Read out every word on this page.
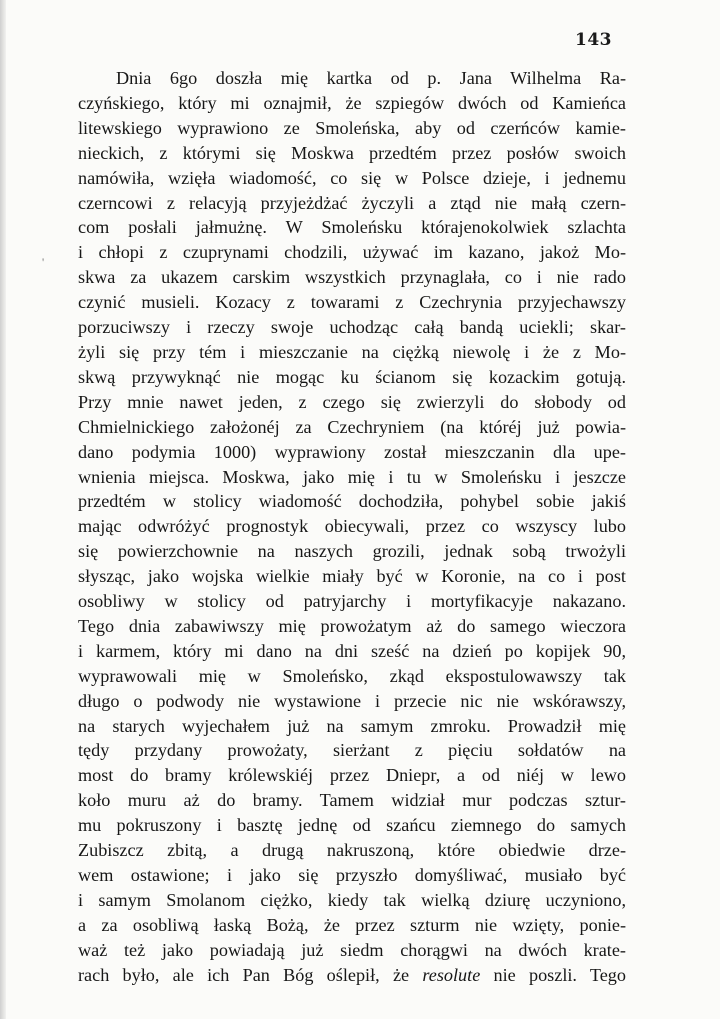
143
'
Dnia 6go doszła mię kartka od p. Jana Wilhelma Ra-
czyńskiego, który mi oznajmił, że szpiegów dwóch od Kamieńca
litewskiego wyprawiono ze Smoleńska, aby od czerńców kamie-
nieckich, z którymi się Moskwa przedtém przez posłów swoich
namówiła, wzięła wiadomość, co się w Polsce dzieje, i jednemu
czerncowi z relacyją przyjeżdżać życzyli a ztąd nie małą czern-
com posłali jałmużnę. W Smoleńsku którajenokolwiek szlachta
i chłopi z czuprynami chodzili, używać im kazano, jakoż Mo-
skwa za ukazem carskim wszystkich przynaglała, co i nie rado
czynić musieli. Kozacy z towarami z Czechrynia przyjechawszy
porzuciwszy i rzeczy swoje uchodząc całą bandą uciekli; skar-
żyli się przy tém i mieszczanie na ciężką niewolę i że z Mo-
skwą przywyknąć nie mogąc ku ścianom się kozackim gotują.
Przy mnie nawet jeden, z czego się zwierzyli do słobody od
Chmielnickiego założonéj za Czechryniem (na któréj już powia-
dano podymia 1000) wyprawiony został mieszczanin dla upe-
wnienia miejsca. Moskwa, jako mię i tu w Smoleńsku i jeszcze
przedtém w stolicy wiadomość dochodziła, pohybel sobie jakiś
mając odwróżyć prognostyk obiecywali, przez co wszyscy lubo
się powierzchownie na naszych grozili, jednak sobą trwożyli
słysząc, jako wojska wielkie miały być w Koronie, na co i post
osobliwy w stolicy od patryjarchy i mortyfikacyje nakazano.
Tego dnia zabawiwszy mię prowożatym aż do samego wieczora
i karmem, który mi dano na dni sześć na dzień po kopijek 90,
wyprawowali mię w Smoleńsko, zkąd ekspostulowawszy tak
długo o podwody nie wystawione i przecie nic nie wskórawszy,
na starych wyjechałem już na samym zmroku. Prowadził mię
tędy przydany prowożaty, sierżant z pięciu sołdatów na
most do bramy królewskiéj przez Dniepr, a od niéj w lewo
koło muru aż do bramy. Tamem widział mur podczas sztur-
mu pokruszony i basztę jednę od szańcu ziemnego do samych
Zubiszcz zbitą, a drugą nakruszoną, które obiedwie drze-
wem ostawione; i jako się przyszło domyśliwać, musiało być
i samym Smolanom ciężko, kiedy tak wielką dziurę uczyniono,
a za osobliwą łaską Bożą, że przez szturm nie wzięty, ponie-
waż też jako powiadają już siedm chorągwi na dwóch krate-
rach było, ale ich Pan Bóg oślepił, że resolute nie poszli. Tego
